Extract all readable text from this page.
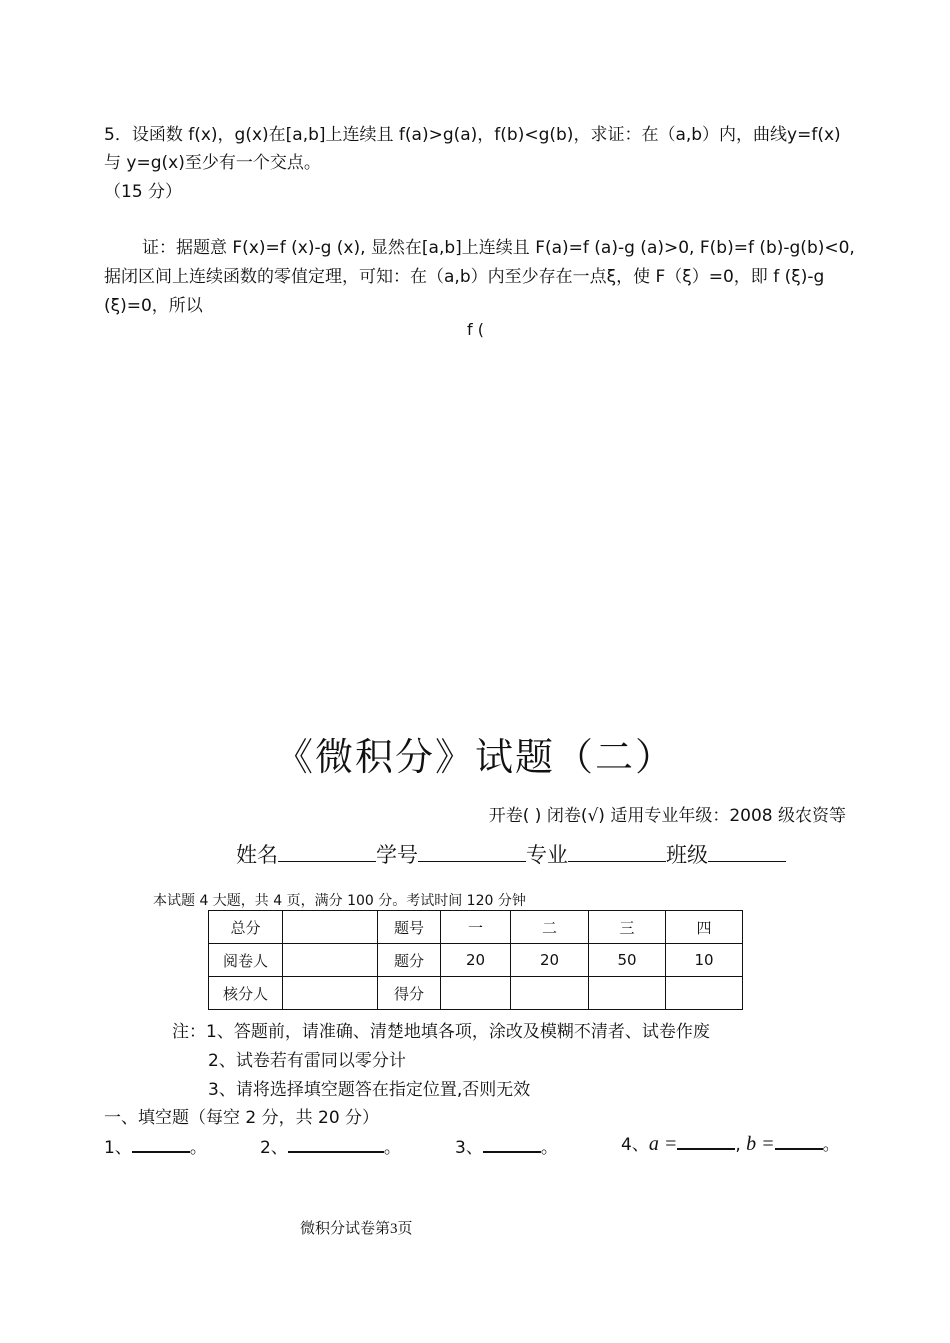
5．设函数 f(x)，g(x)在[a,b]上连续且 f(a)>g(a)，f(b)<g(b)，求证：在（a,b）内，曲线y=f(x)
与 y=g(x)至少有一个交点。
（15 分）
证：据题意 F(x)=f (x)-g (x), 显然在[a,b]上连续且 F(a)=f (a)-g (a)>0, F(b)=f (b)-g(b)<0,
据闭区间上连续函数的零值定理，可知：在（a,b）内至少存在一点ξ，使 F（ξ）=0，即 f (ξ)-g
(ξ)=0，所以
f (
《微积分》试题（二）
开卷( ) 闭卷(√) 适用专业年级：2008 级农资等
姓名	学号	专业	班级
本试题 4 大题，共 4 页，满分 100 分。考试时间 120 分钟
总分		题号	一	二	三	四
阅卷人		题分	20	20	50	10
核分人		得分				
注：1、答题前，请准确、清楚地填各项，涂改及模糊不清者、试卷作废
2、试卷若有雷同以零分计
3、请将选择填空题答在指定位置,否则无效
一、填空题（每空 2 分，共 20 分）
1、	。	2、	。	3、	。	4、a =	, b =	。
微积分试卷第3页
